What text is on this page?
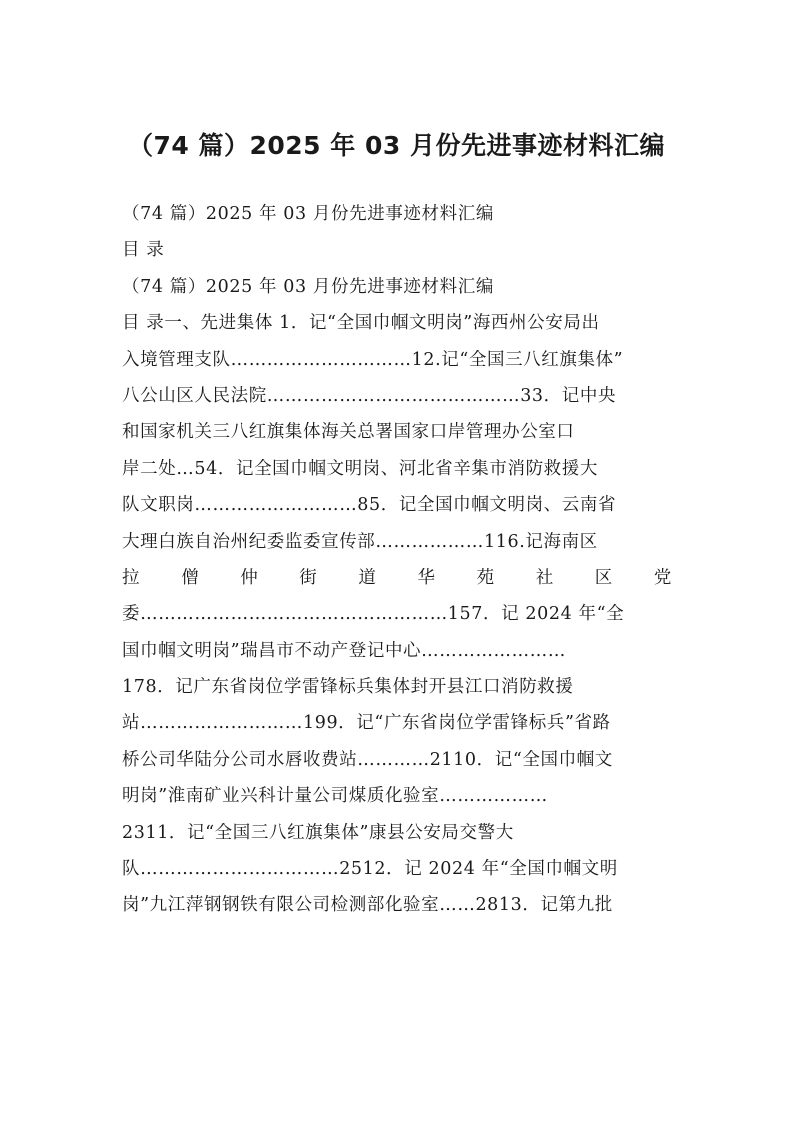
（74 篇）2025 年 03 月份先进事迹材料汇编
（74 篇）2025 年 03 月份先进事迹材料汇编
目 录
（74 篇）2025 年 03 月份先进事迹材料汇编
目 录一、先进集体 1．记“全国巾帼文明岗”海西州公安局出
入境管理支队…………………………12.记“全国三八红旗集体”
八公山区人民法院……………………………………33．记中央
和国家机关三八红旗集体海关总署国家口岸管理办公室口
岸二处…54．记全国巾帼文明岗、河北省辛集市消防救援大
队文职岗………………………85．记全国巾帼文明岗、云南省
大理白族自治州纪委监委宣传部………………116.记海南区
拉 僧 仲 街 道 华 苑 社 区 党
委……………………………………………157．记 2024 年“全
国巾帼文明岗”瑞昌市不动产登记中心……………………
178．记广东省岗位学雷锋标兵集体封开县江口消防救援
站………………………199．记“广东省岗位学雷锋标兵”省路
桥公司华陆分公司水唇收费站…………2110．记“全国巾帼文
明岗”淮南矿业兴科计量公司煤质化验室………………
2311．记“全国三八红旗集体”康县公安局交警大
队……………………………2512．记 2024 年“全国巾帼文明
岗”九江萍钢钢铁有限公司检测部化验室……2813．记第九批
